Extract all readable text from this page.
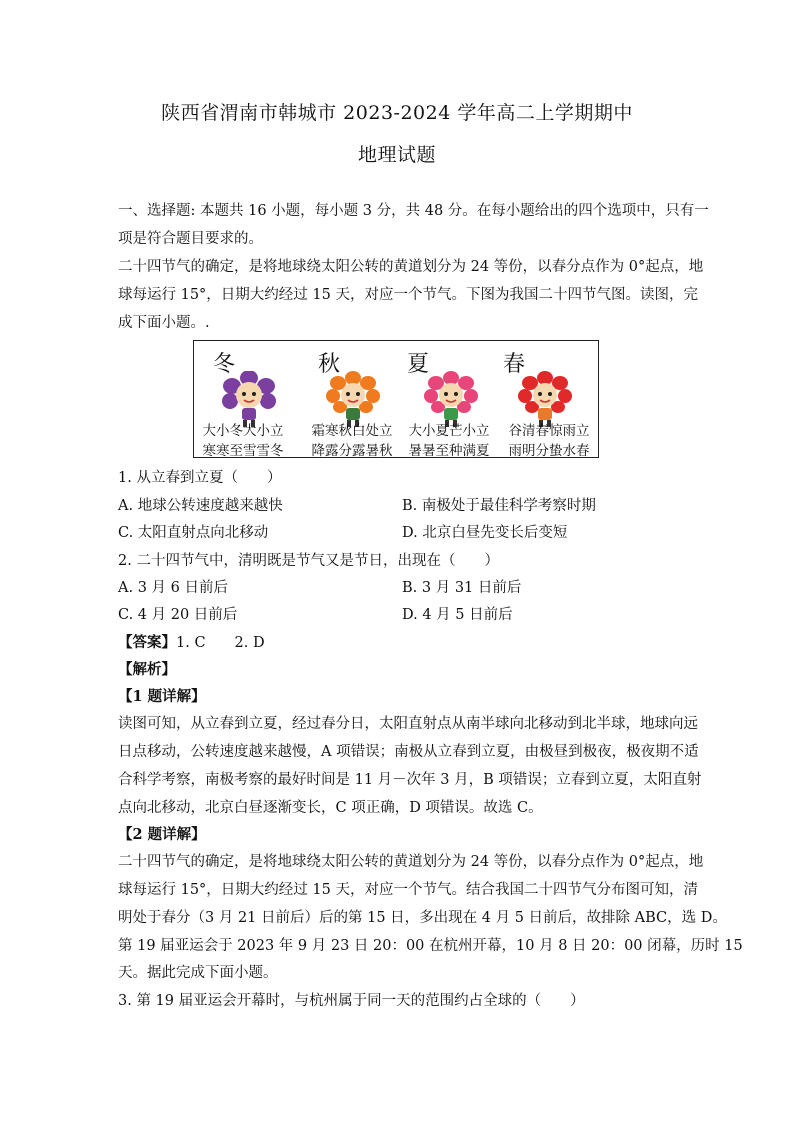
陕西省渭南市韩城市 2023-2024 学年高二上学期期中
地理试题
一、选择题: 本题共 16 小题，每小题 3 分，共 48 分。在每小题给出的四个选项中，只有一
项是符合题目要求的。
二十四节气的确定，是将地球绕太阳公转的黄道划分为 24 等份，以春分点作为 0°起点，地
球每运行 15°，日期大约经过 15 天，对应一个节气。下图为我国二十四节气图。读图，完
成下面小题。.
冬	秋	夏	春
大小冬大小立
寒寒至雪雪冬
霜寒秋白处立
降露分露暑秋
大小夏芒小立
暑暑至种满夏
谷清春惊雨立
雨明分蛰水春
1. 从立春到立夏（　　）
A. 地球公转速度越来越快	B. 南极处于最佳科学考察时期
C. 太阳直射点向北移动	D. 北京白昼先变长后变短
2. 二十四节气中，清明既是节气又是节日，出现在（　　）
A. 3 月 6 日前后	B. 3 月 31 日前后
C. 4 月 20 日前后	D. 4 月 5 日前后
【答案】1. C　　2. D
【解析】
【1 题详解】
读图可知，从立春到立夏，经过春分日，太阳直射点从南半球向北移动到北半球，地球向远
日点移动，公转速度越来越慢，A 项错误；南极从立春到立夏，由极昼到极夜，极夜期不适
合科学考察，南极考察的最好时间是 11 月－次年 3 月，B 项错误；立春到立夏，太阳直射
点向北移动，北京白昼逐渐变长，C 项正确，D 项错误。故选 C。
【2 题详解】
二十四节气的确定，是将地球绕太阳公转的黄道划分为 24 等份，以春分点作为 0°起点，地
球每运行 15°，日期大约经过 15 天，对应一个节气。结合我国二十四节气分布图可知，清
明处于春分（3 月 21 日前后）后的第 15 日，多出现在 4 月 5 日前后，故排除 ABC，选 D。
第 19 届亚运会于 2023 年 9 月 23 日 20：00 在杭州开幕，10 月 8 日 20：00 闭幕，历时 15
天。据此完成下面小题。
3. 第 19 届亚运会开幕时，与杭州属于同一天的范围约占全球的（　　）
